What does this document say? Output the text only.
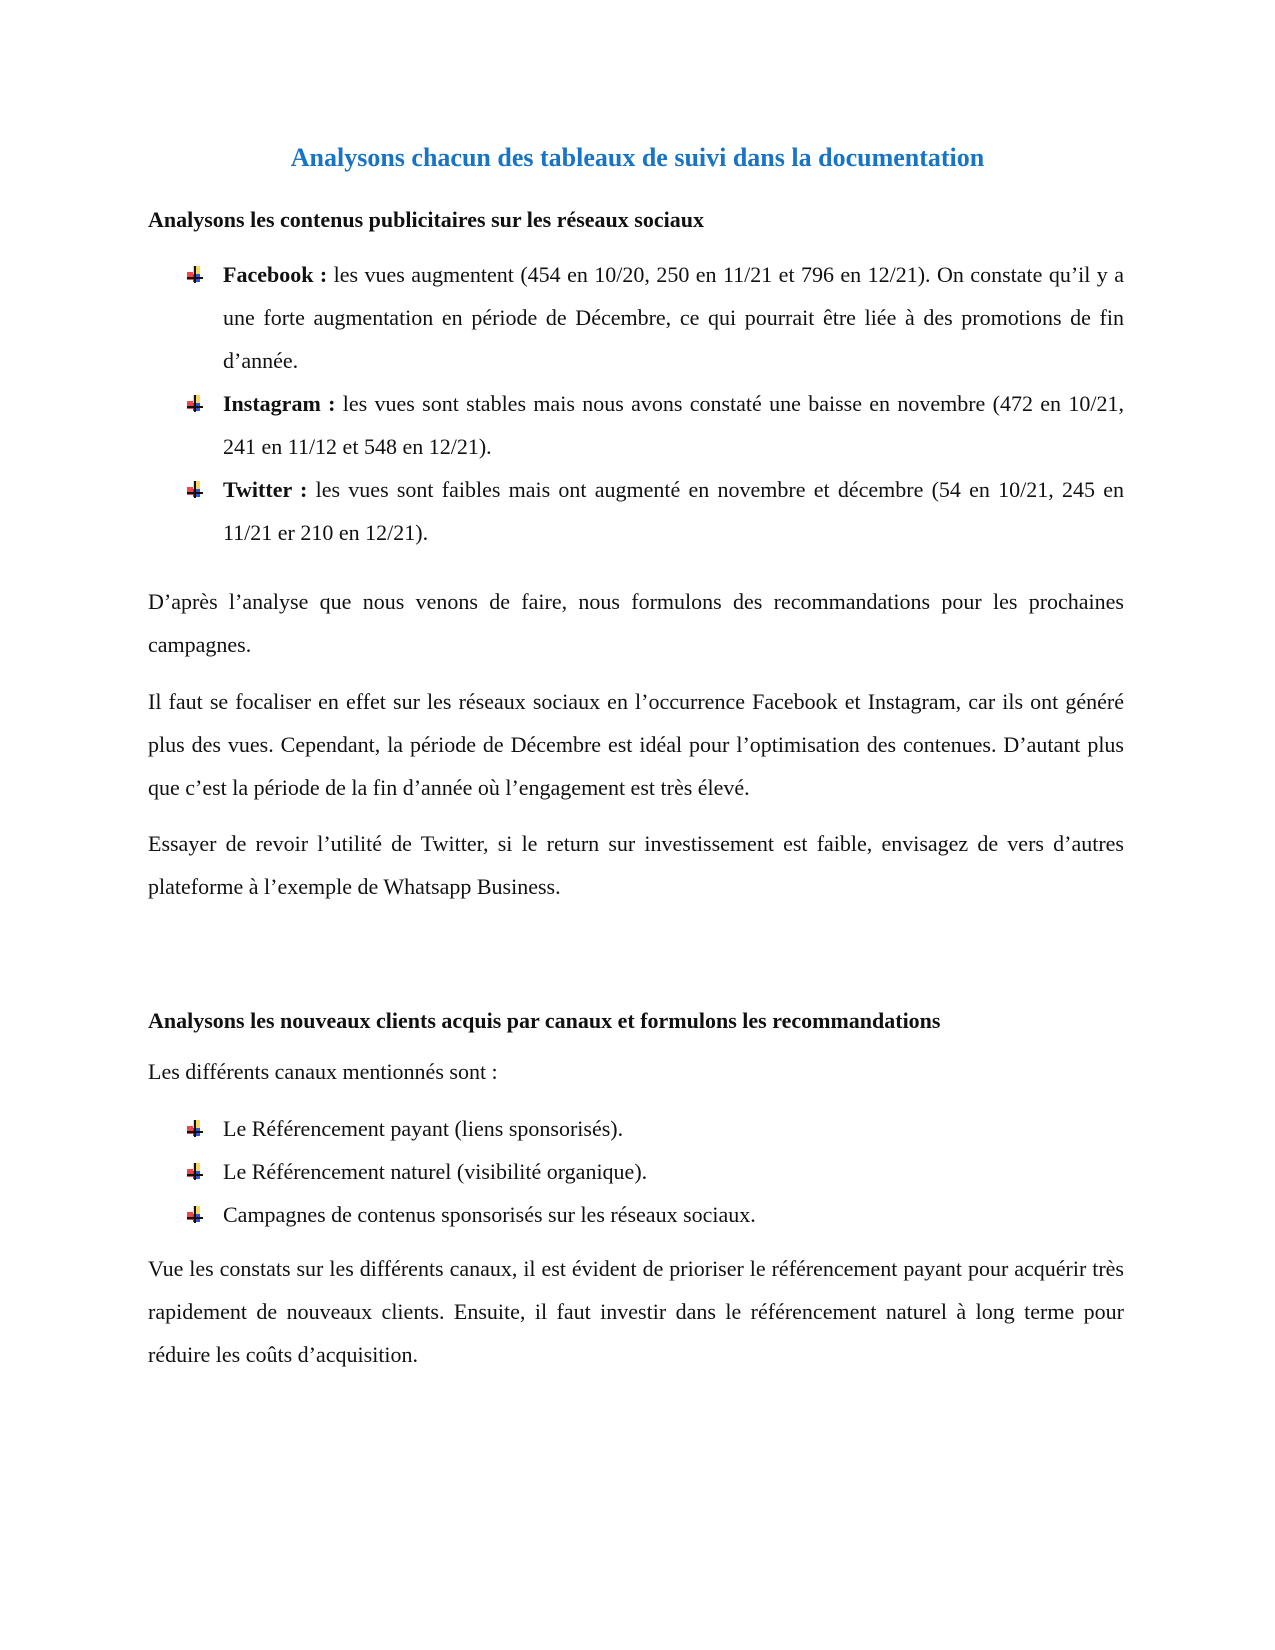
Analysons chacun des tableaux de suivi dans la documentation

Analysons les contenus publicitaires sur les réseaux sociaux

Facebook : les vues augmentent (454 en 10/20, 250 en 11/21 et 796 en 12/21). On constate qu’il y a une forte augmentation en période de Décembre, ce qui pourrait être liée à des promotions de fin d’année.
Instagram : les vues sont stables mais nous avons constaté une baisse en novembre (472 en 10/21, 241 en 11/12 et 548 en 12/21).
Twitter : les vues sont faibles mais ont augmenté en novembre et décembre (54 en 10/21, 245 en 11/21 er 210 en 12/21).

D’après l’analyse que nous venons de faire, nous formulons des recommandations pour les prochaines campagnes.

Il faut se focaliser en effet sur les réseaux sociaux en l’occurrence Facebook et Instagram, car ils ont généré plus des vues. Cependant, la période de Décembre est idéal pour l’optimisation des contenues. D’autant plus que c’est la période de la fin d’année où l’engagement est très élevé.

Essayer de revoir l’utilité de Twitter, si le return sur investissement est faible, envisagez de vers d’autres plateforme à l’exemple de Whatsapp Business.

Analysons les nouveaux clients acquis par canaux et formulons les recommandations

Les différents canaux mentionnés sont :

Le Référencement payant (liens sponsorisés).
Le Référencement naturel (visibilité organique).
Campagnes de contenus sponsorisés sur les réseaux sociaux.

Vue les constats sur les différents canaux, il est évident de prioriser le référencement payant pour acquérir très rapidement de nouveaux clients. Ensuite, il faut investir dans le référencement naturel à long terme pour réduire les coûts d’acquisition.
